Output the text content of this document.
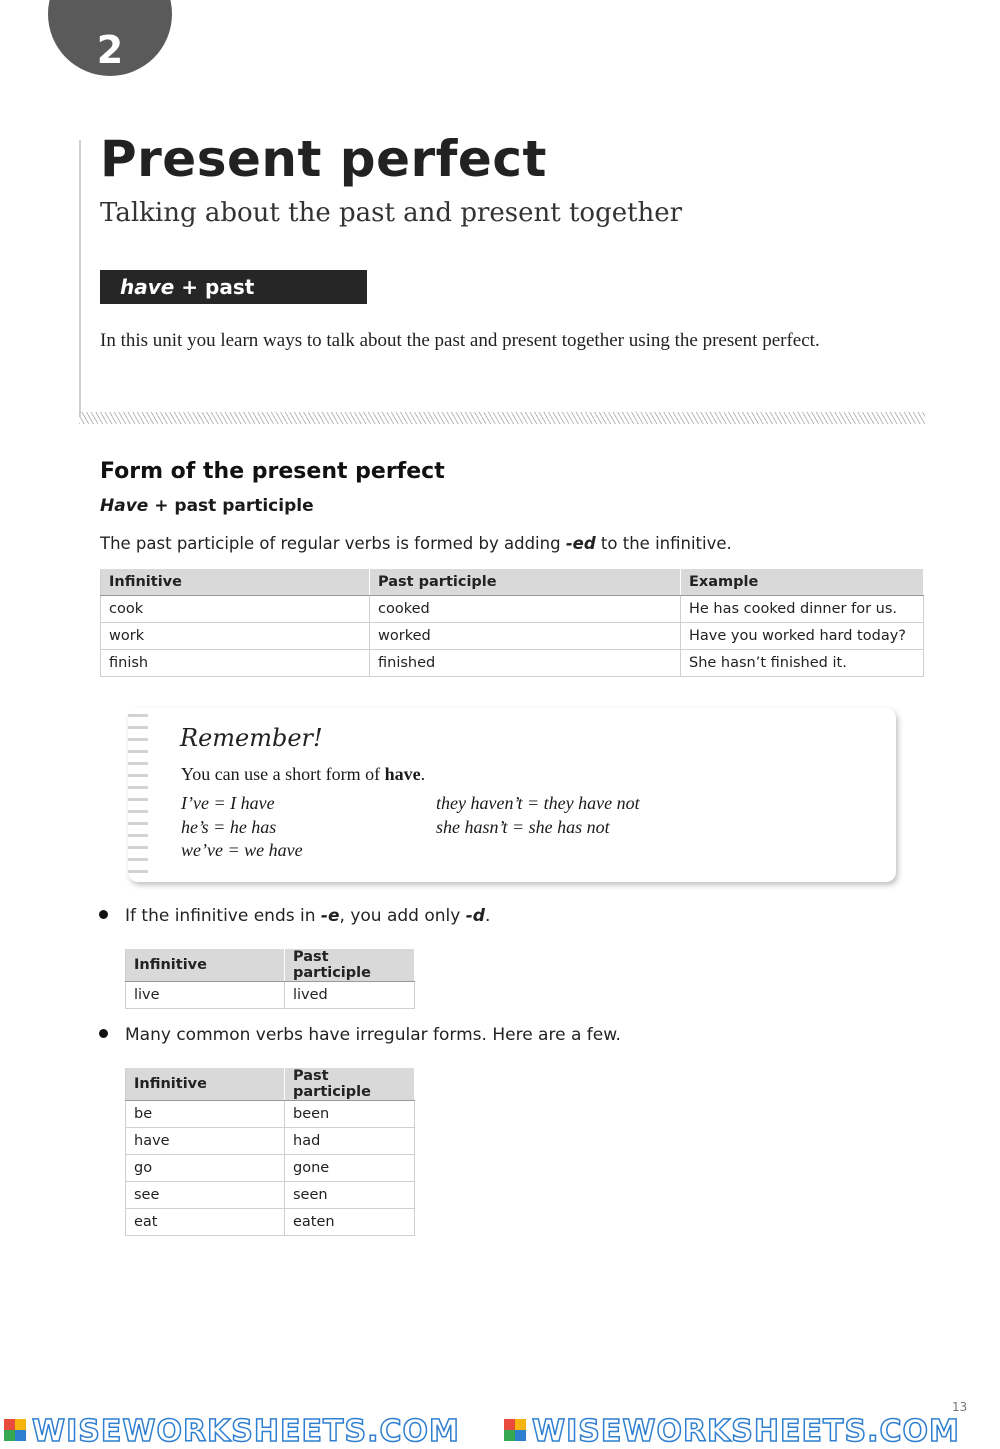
2
Present perfect
Talking about the past and present together
have + past participle
In this unit you learn ways to talk about the past and present together using the present perfect.
Form of the present perfect
Have + past participle
The past participle of regular verbs is formed by adding -ed to the infinitive.
Infinitive	Past participle	Example
cook	cooked	He has cooked dinner for us.
work	worked	Have you worked hard today?
finish	finished	She hasn’t finished it.
Remember!
You can use a short form of have.
I’ve = I have
he’s = he has
we’ve = we have
they haven’t = they have not
she hasn’t = she has not
If the infinitive ends in -e, you add only -d.
Infinitive	Past participle
live	lived
Many common verbs have irregular forms. Here are a few.
Infinitive	Past participle
be	been
have	had
go	gone
see	seen
eat	eaten
13
WISEWORKSHEETS.COM	WISEWORKSHEETS.COM
